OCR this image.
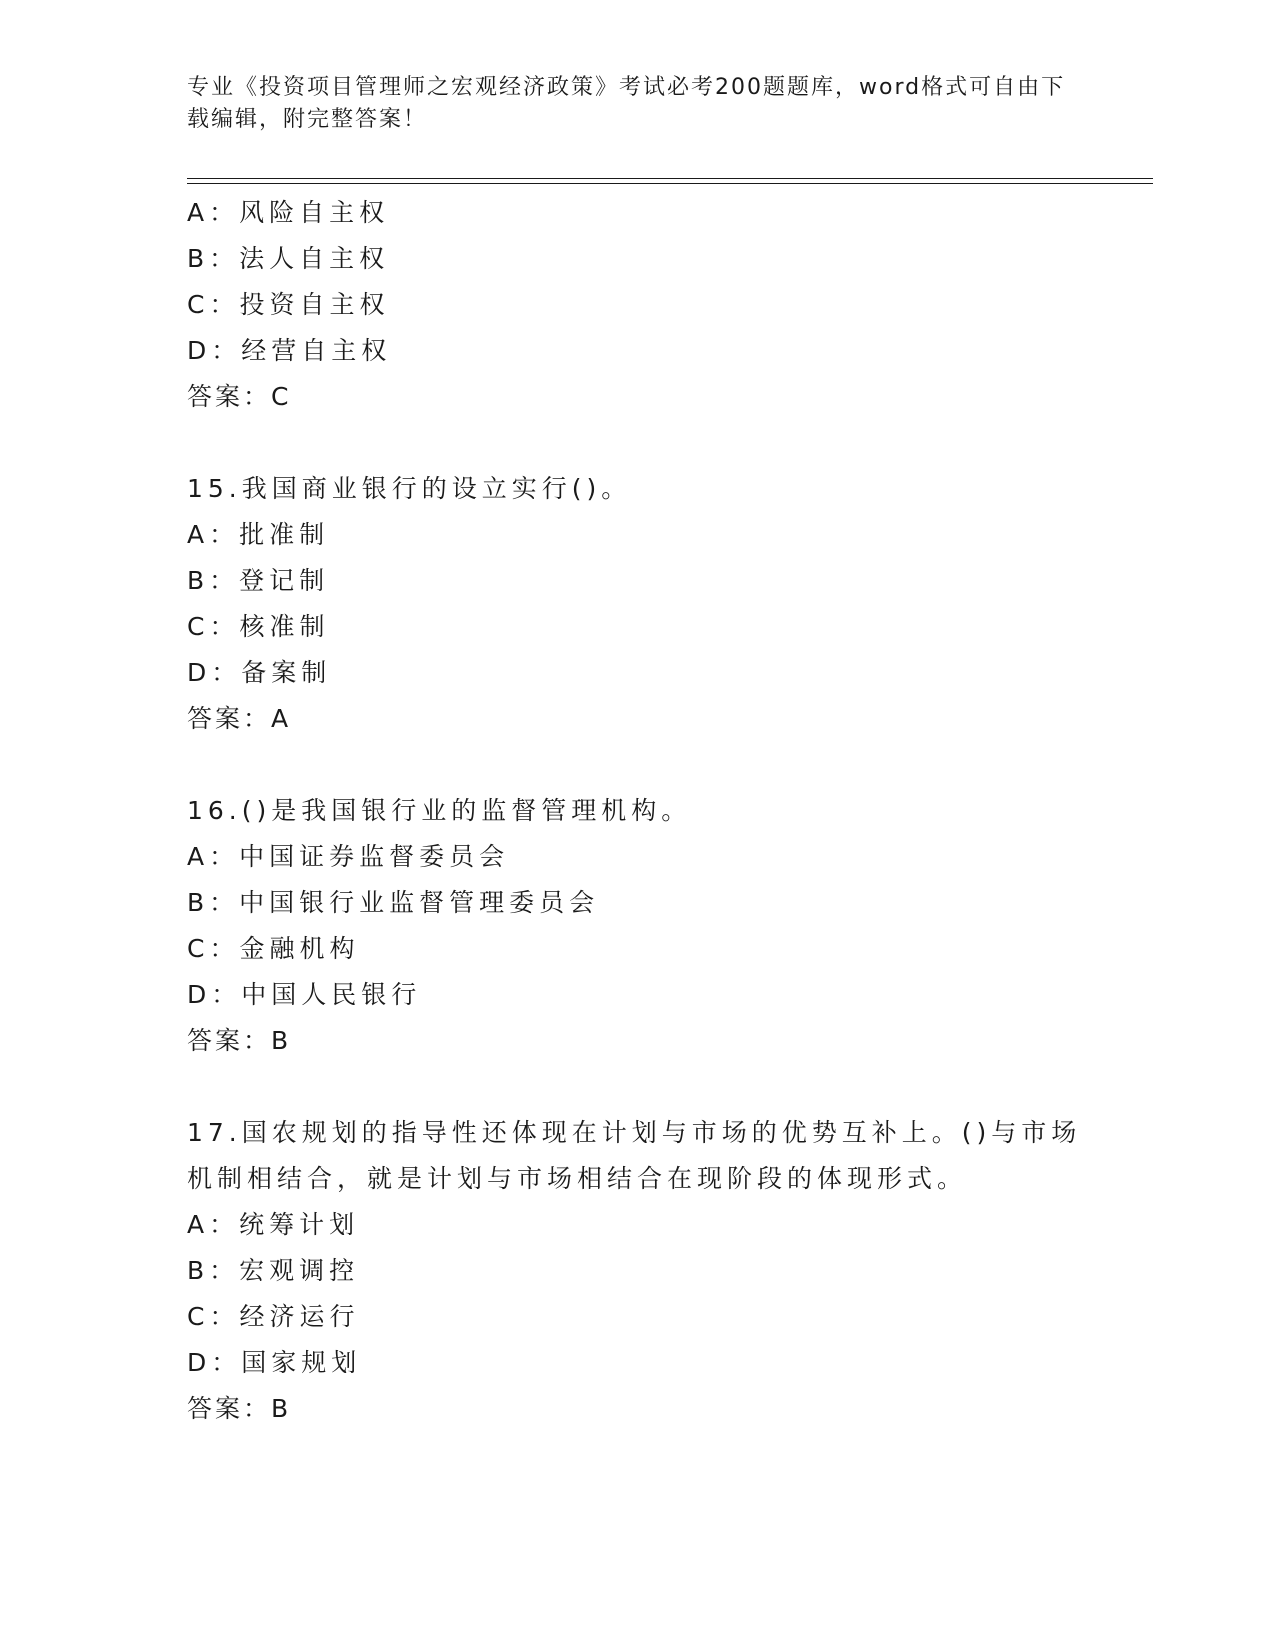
专业《投资项目管理师之宏观经济政策》考试必考200题题库，word格式可自由下载编辑，附完整答案！
A：风险自主权
B：法人自主权
C：投资自主权
D：经营自主权
答案：C
15.我国商业银行的设立实行()。
A：批准制
B：登记制
C：核准制
D：备案制
答案：A
16.()是我国银行业的监督管理机构。
A：中国证券监督委员会
B：中国银行业监督管理委员会
C：金融机构
D：中国人民银行
答案：B
17.国农规划的指导性还体现在计划与市场的优势互补上。()与市场机制相结合，就是计划与市场相结合在现阶段的体现形式。
A：统筹计划
B：宏观调控
C：经济运行
D：国家规划
答案：B
